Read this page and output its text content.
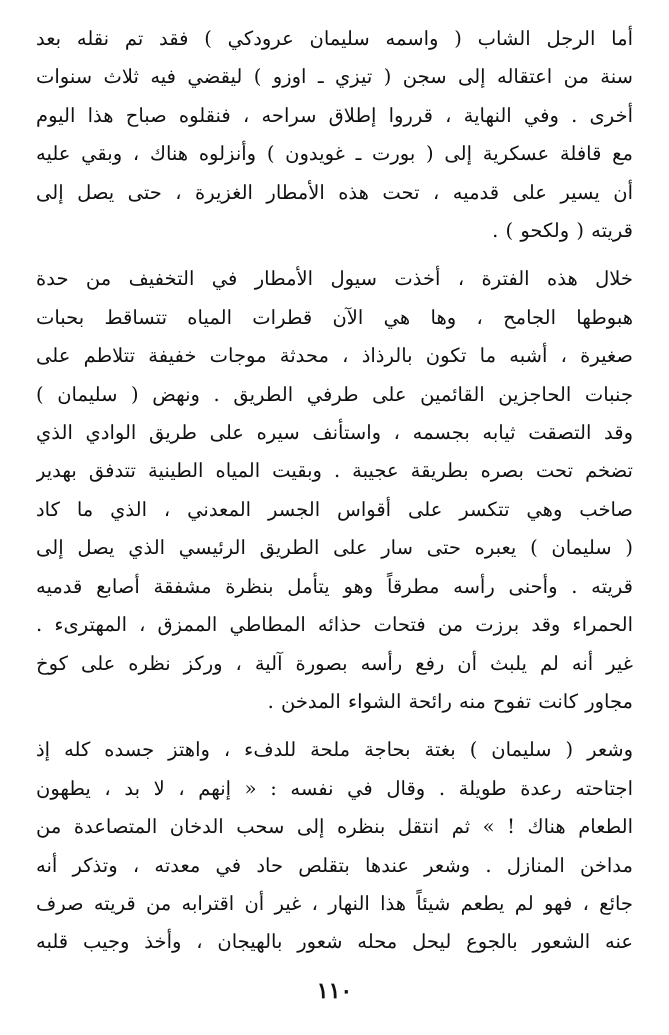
أما الرجل الشاب ( واسمه سليمان عرودكي ) فقد تم نقله بعد
سنة من اعتقاله إلى سجن ( تيزي ـ اوزو ) ليقضي فيه ثلاث سنوات
أخرى . وفي النهاية ، قرروا إطلاق سراحه ، فنقلوه صباح هذا اليوم
مع قافلة عسكرية إلى ( بورت ـ غويدون ) وأنزلوه هناك ، وبقي عليه
أن يسير على قدميه ، تحت هذه الأمطار الغزيرة ، حتى يصل إلى
قريته ( ولكحو ) .
خلال هذه الفترة ، أخذت سيول الأمطار في التخفيف من حدة
هبوطها الجامح ، وها هي الآن قطرات المياه تتساقط بحبات
صغيرة ، أشبه ما تكون بالرذاذ ، محدثة موجات خفيفة تتلاطم على
جنبات الحاجزين القائمين على طرفي الطريق . ونهض ( سليمان )
وقد التصقت ثيابه بجسمه ، واستأنف سيره على طريق الوادي الذي
تضخم تحت بصره بطريقة عجيبة . وبقيت المياه الطينية تتدفق بهدير
صاخب وهي تتكسر على أقواس الجسر المعدني ، الذي ما كاد
( سليمان ) يعبره حتى سار على الطريق الرئيسي الذي يصل إلى
قريته . وأحنى رأسه مطرقاً وهو يتأمل بنظرة مشفقة أصابع قدميه
الحمراء وقد برزت من فتحات حذائه المطاطي الممزق ، المهترىء .
غير أنه لم يلبث أن رفع رأسه بصورة آلية ، وركز نظره على كوخ
مجاور كانت تفوح منه رائحة الشواء المدخن .
وشعر ( سليمان ) بغتة بحاجة ملحة للدفء ، واهتز جسده كله إذ
اجتاحته رعدة طويلة . وقال في نفسه : « إنهم ، لا بد ، يطهون
الطعام هناك ! » ثم انتقل بنظره إلى سحب الدخان المتصاعدة من
مداخن المنازل . وشعر عندها بتقلص حاد في معدته ، وتذكر أنه
جائع ، فهو لم يطعم شيئاً هذا النهار ، غير أن اقترابه من قريته صرف
عنه الشعور بالجوع ليحل محله شعور بالهيجان ، وأخذ وجيب قلبه
١١٠
